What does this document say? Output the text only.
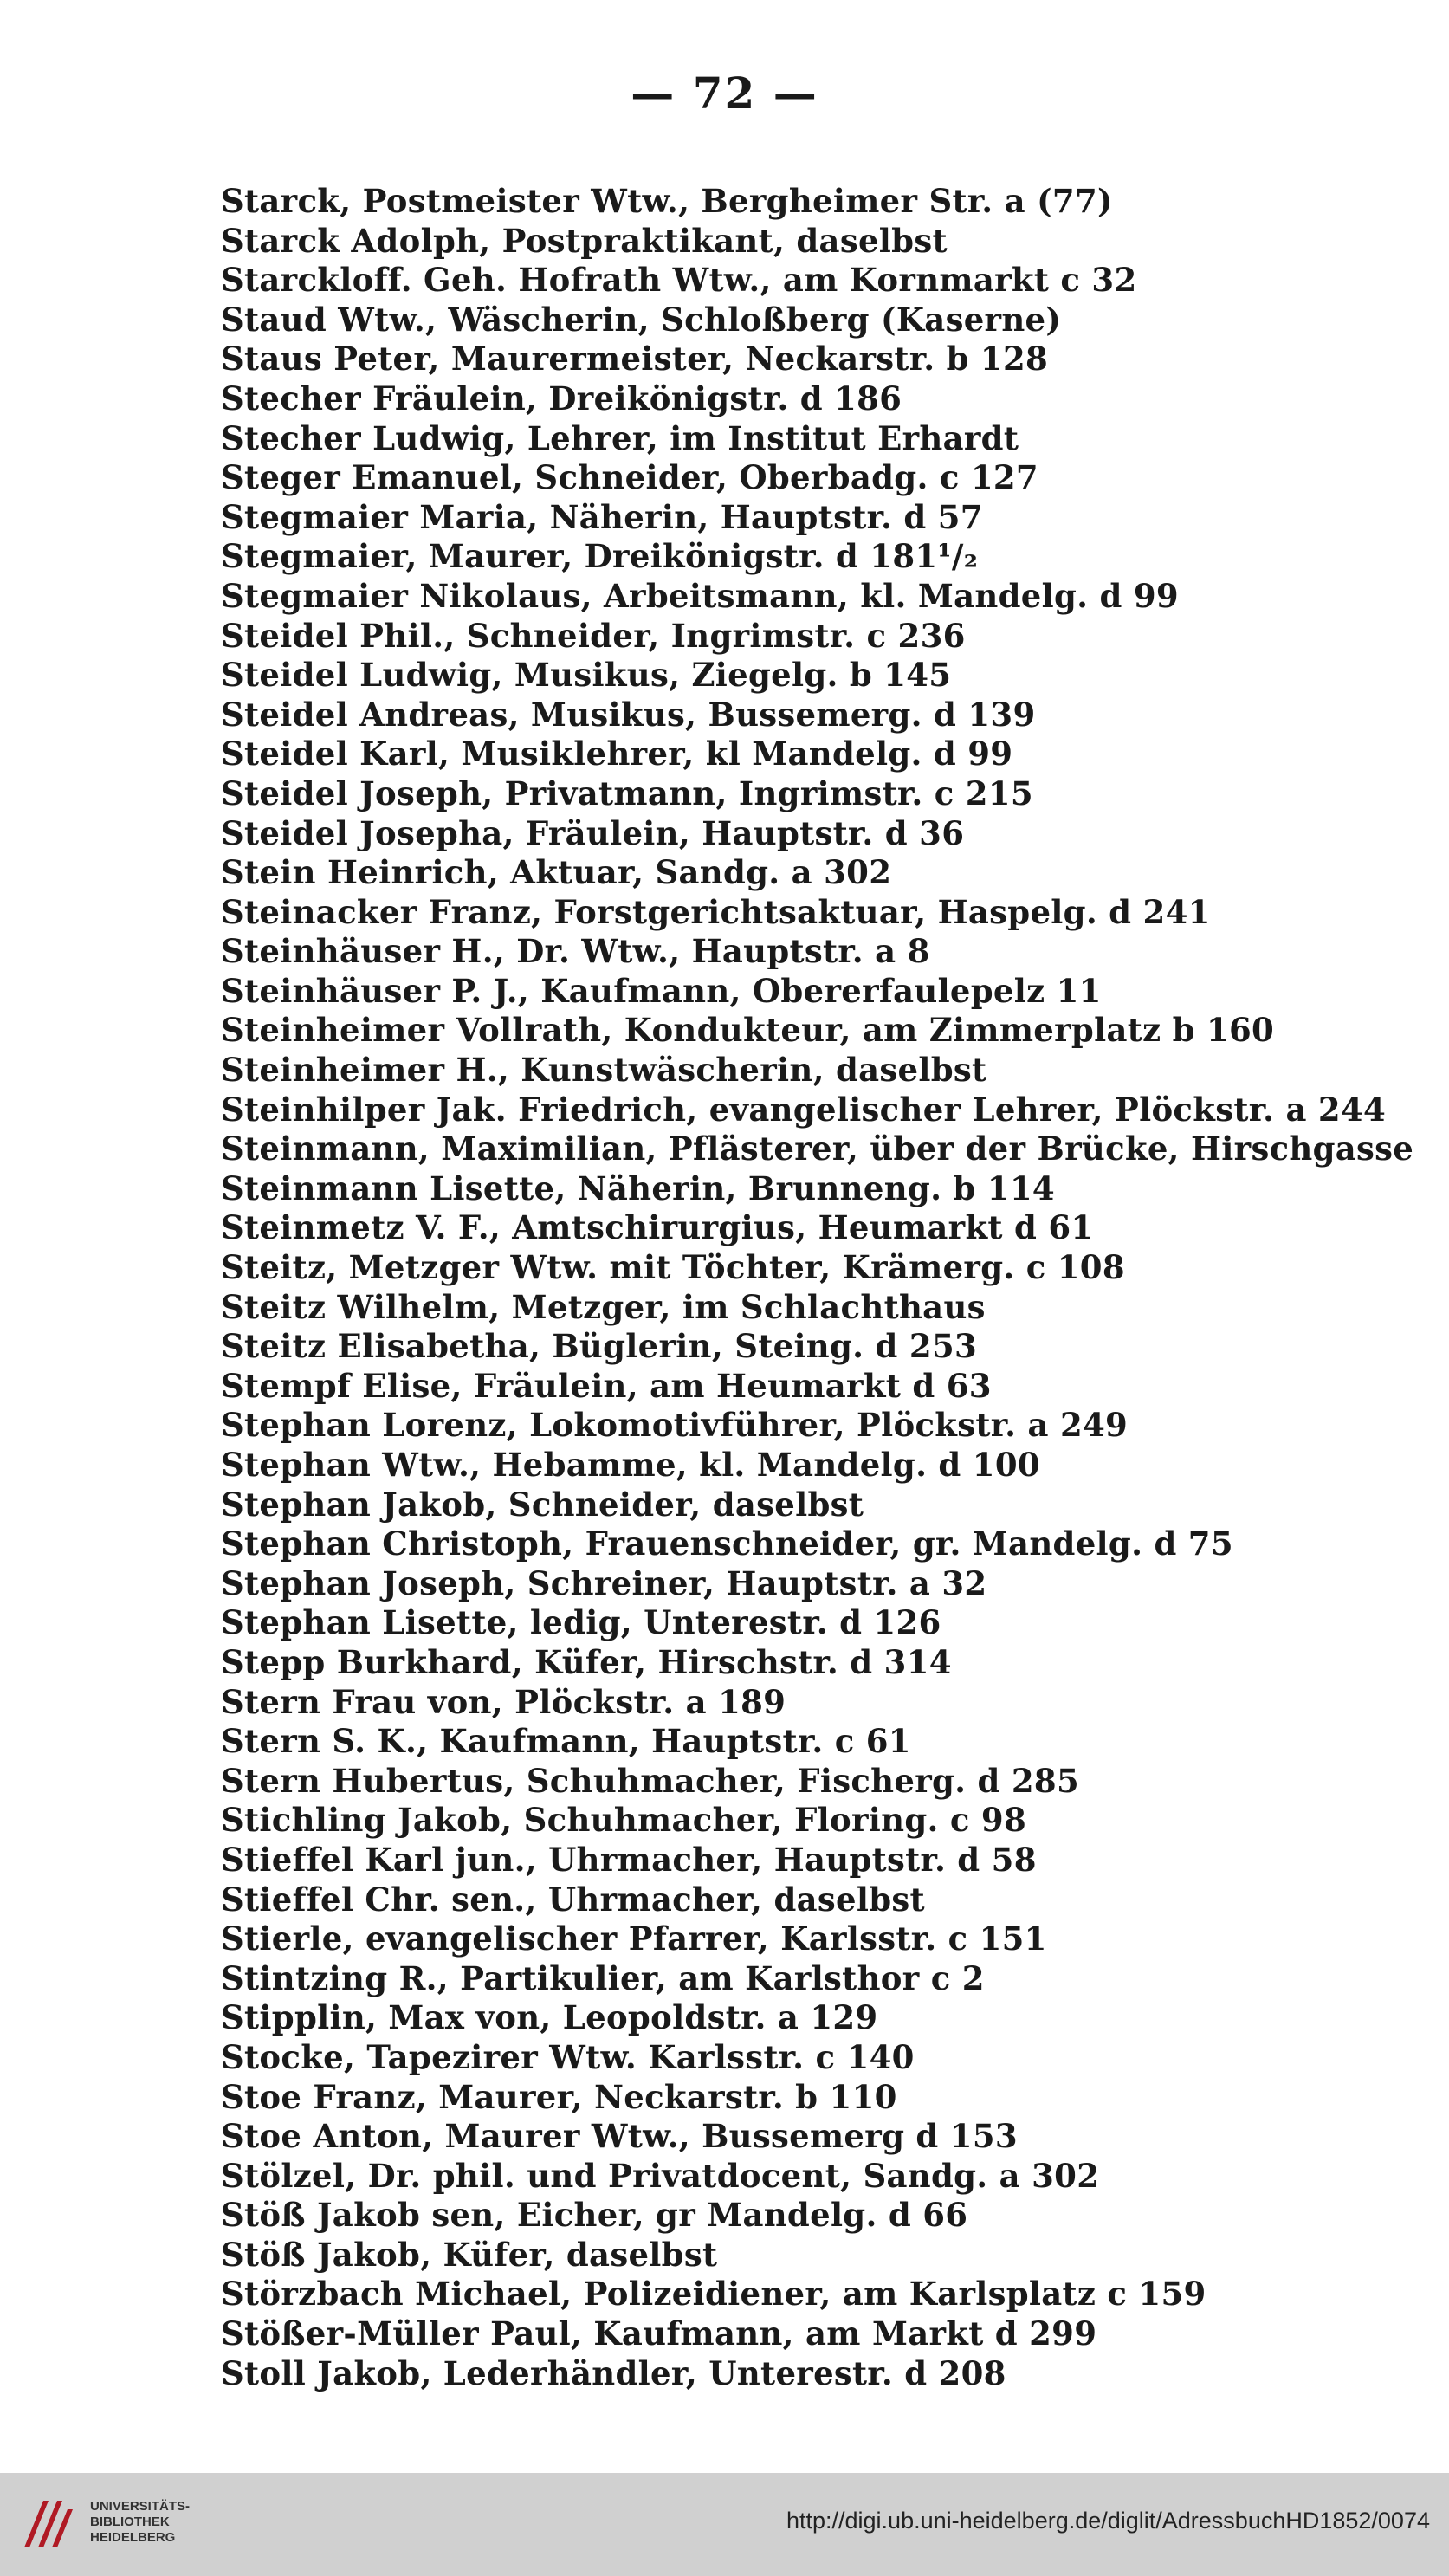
— 72 —
Starck, Postmeister Wtw., Bergheimer Str. a (77)
Starck Adolph, Postpraktikant, daselbst
Starckloff. Geh. Hofrath Wtw., am Kornmarkt c 32
Staud Wtw., Wäscherin, Schloßberg (Kaserne)
Staus Peter, Maurermeister, Neckarstr. b 128
Stecher Fräulein, Dreikönigstr. d 186
Stecher Ludwig, Lehrer, im Institut Erhardt
Steger Emanuel, Schneider, Oberbadg. c 127
Stegmaier Maria, Näherin, Hauptstr. d 57
Stegmaier, Maurer, Dreikönigstr. d 181¹/₂
Stegmaier Nikolaus, Arbeitsmann, kl. Mandelg. d 99
Steidel Phil., Schneider, Ingrimstr. c 236
Steidel Ludwig, Musikus, Ziegelg. b 145
Steidel Andreas, Musikus, Bussemerg. d 139
Steidel Karl, Musiklehrer, kl Mandelg. d 99
Steidel Joseph, Privatmann, Ingrimstr. c 215
Steidel Josepha, Fräulein, Hauptstr. d 36
Stein Heinrich, Aktuar, Sandg. a 302
Steinacker Franz, Forstgerichtsaktuar, Haspelg. d 241
Steinhäuser H., Dr. Wtw., Hauptstr. a 8
Steinhäuser P. J., Kaufmann, Obererfaulepelz 11
Steinheimer Vollrath, Kondukteur, am Zimmerplatz b 160
Steinheimer H., Kunstwäscherin, daselbst
Steinhilper Jak. Friedrich, evangelischer Lehrer, Plöckstr. a 244
Steinmann, Maximilian, Pflästerer, über der Brücke, Hirschgasse
Steinmann Lisette, Näherin, Brunneng. b 114
Steinmetz V. F., Amtschirurgius, Heumarkt d 61
Steitz, Metzger Wtw. mit Töchter, Krämerg. c 108
Steitz Wilhelm, Metzger, im Schlachthaus
Steitz Elisabetha, Büglerin, Steing. d 253
Stempf Elise, Fräulein, am Heumarkt d 63
Stephan Lorenz, Lokomotivführer, Plöckstr. a 249
Stephan Wtw., Hebamme, kl. Mandelg. d 100
Stephan Jakob, Schneider, daselbst
Stephan Christoph, Frauenschneider, gr. Mandelg. d 75
Stephan Joseph, Schreiner, Hauptstr. a 32
Stephan Lisette, ledig, Unterestr. d 126
Stepp Burkhard, Küfer, Hirschstr. d 314
Stern Frau von, Plöckstr. a 189
Stern S. K., Kaufmann, Hauptstr. c 61
Stern Hubertus, Schuhmacher, Fischerg. d 285
Stichling Jakob, Schuhmacher, Floring. c 98
Stieffel Karl jun., Uhrmacher, Hauptstr. d 58
Stieffel Chr. sen., Uhrmacher, daselbst
Stierle, evangelischer Pfarrer, Karlsstr. c 151
Stintzing R., Partikulier, am Karlsthor c 2
Stipplin, Max von, Leopoldstr. a 129
Stocke, Tapezirer Wtw. Karlsstr. c 140
Stoe Franz, Maurer, Neckarstr. b 110
Stoe Anton, Maurer Wtw., Bussemerg d 153
Stölzel, Dr. phil. und Privatdocent, Sandg. a 302
Stöß Jakob sen, Eicher, gr Mandelg. d 66
Stöß Jakob, Küfer, daselbst
Störzbach Michael, Polizeidiener, am Karlsplatz c 159
Stößer-Müller Paul, Kaufmann, am Markt d 299
Stoll Jakob, Lederhändler, Unterestr. d 208
UNIVERSITÄTS-
BIBLIOTHEK
HEIDELBERG
http://digi.ub.uni-heidelberg.de/diglit/AdressbuchHD1852/0074
